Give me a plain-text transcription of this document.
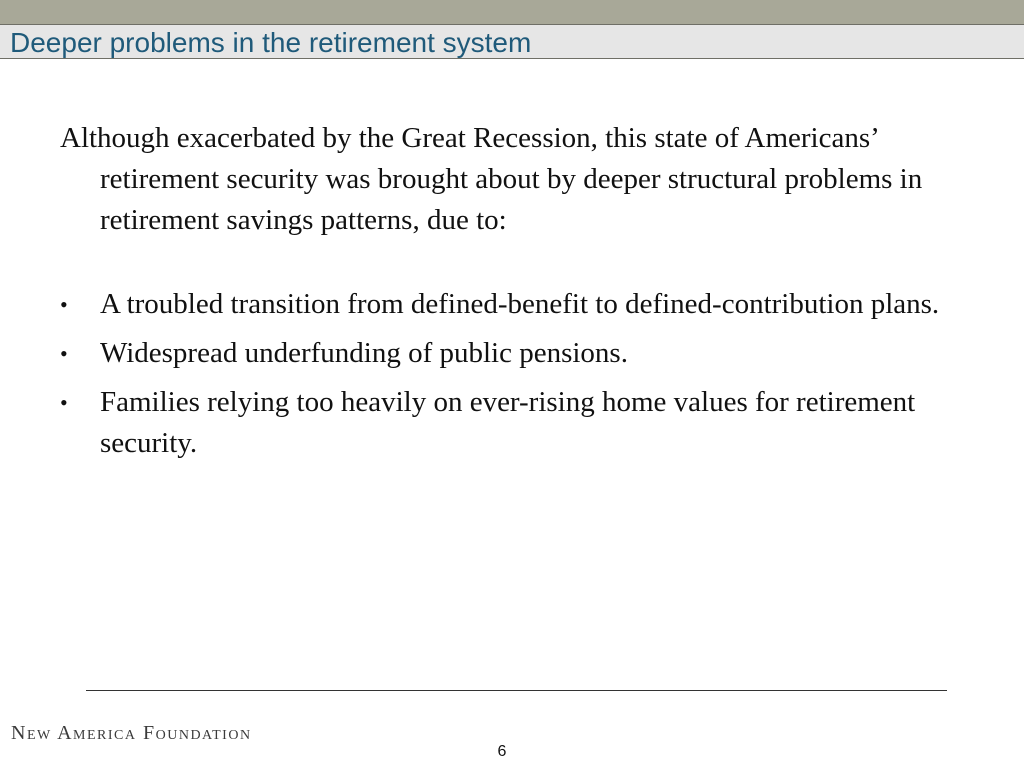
Deeper problems in the retirement system

Although exacerbated by the Great Recession, this state of Americans’ retirement security was brought about by deeper structural problems in retirement savings patterns, due to:

• A troubled transition from defined-benefit to defined-contribution plans.
• Widespread underfunding of public pensions.
• Families relying too heavily on ever-rising home values for retirement security.
New America Foundation
6
